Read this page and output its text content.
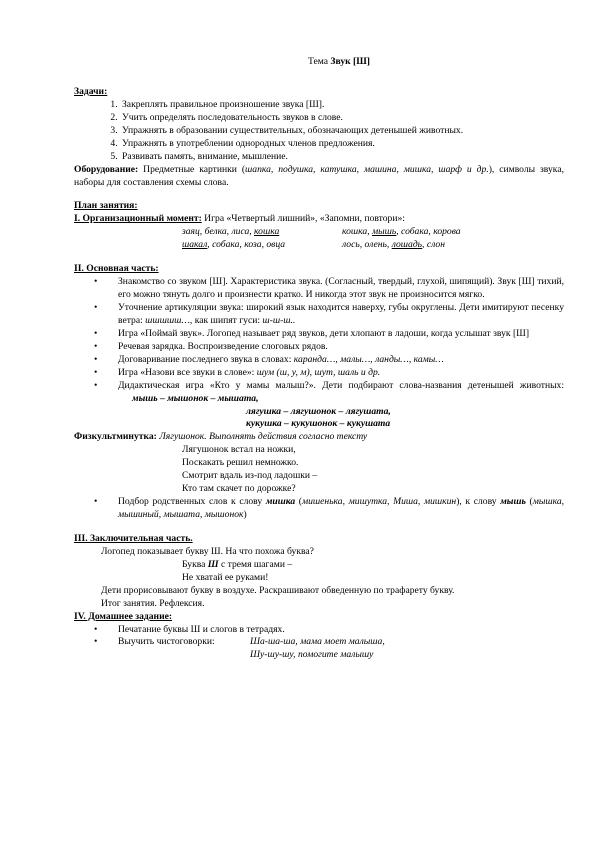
Тема Звук [Ш]
Задачи:
1. Закреплять правильное произношение звука [Ш].
2. Учить определять последовательность звуков в слове.
3. Упражнять в образовании существительных, обозначающих детенышей животных.
4. Упражнять в употреблении однородных членов предложения.
5. Развивать память, внимание, мышление.
Оборудование: Предметные картинки (шапка, подушка, катушка, машина, мишка, шарф и др.), символы звука, наборы для составления схемы слова.
План занятия:
I. Организационный момент: Игра «Четвертый лишний», «Запомни, повтори»:
заяц, белка, лиса, кошка	кошка, мышь, собака, корова
шакал, собака, коза, овца	лось, олень, лошадь, слон
II. Основная часть:
• Знакомство со звуком [Ш]. Характеристика звука. (Согласный, твердый, глухой, шипящий). Звук [Ш] тихий, его можно тянуть долго и произнести кратко. И никогда этот звук не произносится мягко.
• Уточнение артикуляции звука: широкий язык находится наверху, губы округлены. Дети имитируют песенку ветра: шшшшш…, как шипят гуси: ш-ш-ш..
• Игра «Поймай звук». Логопед называет ряд звуков, дети хлопают в ладоши, когда услышат звук [Ш]
• Речевая зарядка. Воспроизведение слоговых рядов.
• Договаривание последнего звука в словах: каранда…, малы…, ланды…, камы…
• Игра «Назови все звуки в слове»: шум (ш, у, м), шут, шаль и др.
• Дидактическая игра «Кто у мамы малыш?». Дети подбирают слова-названия детенышей животных: мышь – мышонок – мышата,
лягушка – лягушонок – лягушата,
кукушка – кукушонок – кукушата
Физкультминутка: Лягушонок. Выполнять действия согласно тексту
Лягушонок встал на ножки,
Поскакать решил немножко.
Смотрит вдаль из-под ладошки –
Кто там скачет по дорожке?
• Подбор родственных слов к слову мишка (мишенька, мишутка, Миша, мишкин), к слову мышь (мышка, мышиный, мышата, мышонок)
III. Заключительная часть.
Логопед показывает букву Ш. На что похожа буква?
Буква Ш с тремя шагами –
Не хватай ее руками!
Дети прорисовывают букву в воздухе. Раскрашивают обведенную по трафарету букву.
Итог занятия. Рефлексия.
IV. Домашнее задание:
• Печатание буквы Ш и слогов в тетрадях.
• Выучить чистоговорки:	Ша-ша-ша, мама моет малыша,
Шу-шу-шу, помогите малышу
